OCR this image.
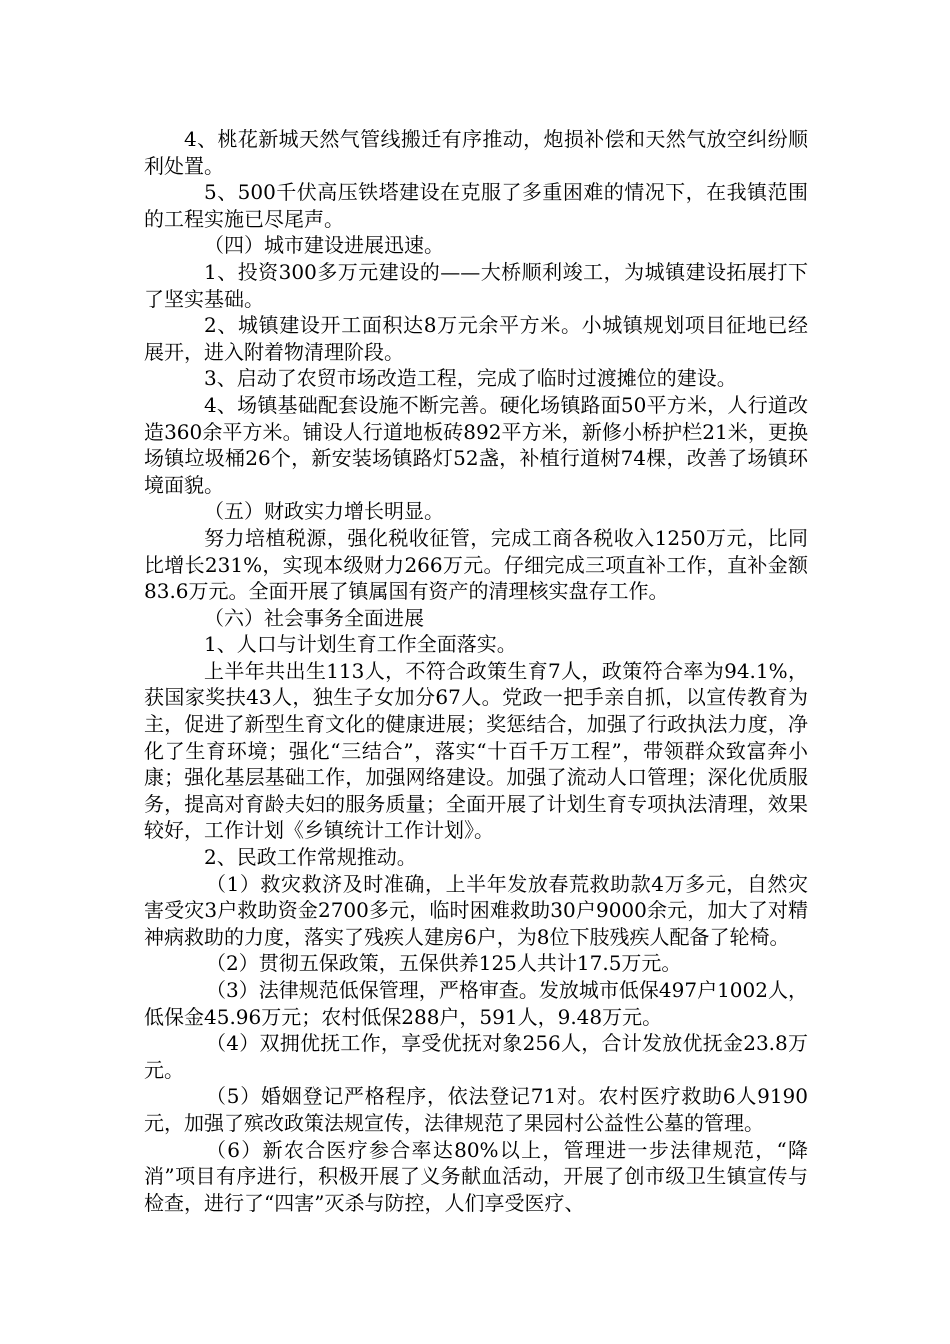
4、桃花新城天然气管线搬迁有序推动，炮损补偿和天然气放空纠纷顺利处置。

5、500千伏高压铁塔建设在克服了多重困难的情况下，在我镇范围的工程实施已尽尾声。

（四）城市建设进展迅速。

1、投资300多万元建设的——大桥顺利竣工，为城镇建设拓展打下了坚实基础。

2、城镇建设开工面积达8万元余平方米。小城镇规划项目征地已经展开，进入附着物清理阶段。

3、启动了农贸市场改造工程，完成了临时过渡摊位的建设。

4、场镇基础配套设施不断完善。硬化场镇路面50平方米，人行道改造360余平方米。铺设人行道地板砖892平方米，新修小桥护栏21米，更换场镇垃圾桶26个，新安装场镇路灯52盏，补植行道树74棵，改善了场镇环境面貌。

（五）财政实力增长明显。

努力培植税源，强化税收征管，完成工商各税收入1250万元，比同比增长231%，实现本级财力266万元。仔细完成三项直补工作，直补金额83.6万元。全面开展了镇属国有资产的清理核实盘存工作。

（六）社会事务全面进展

1、人口与计划生育工作全面落实。

上半年共出生113人，不符合政策生育7人，政策符合率为94.1%，获国家奖扶43人，独生子女加分67人。党政一把手亲自抓，以宣传教育为主，促进了新型生育文化的健康进展；奖惩结合，加强了行政执法力度，净化了生育环境；强化“三结合”，落实“十百千万工程”，带领群众致富奔小康；强化基层基础工作，加强网络建设。加强了流动人口管理；深化优质服务，提高对育龄夫妇的服务质量；全面开展了计划生育专项执法清理，效果较好，工作计划《乡镇统计工作计划》。

2、民政工作常规推动。

（1）救灾救济及时准确，上半年发放春荒救助款4万多元，自然灾害受灾3户救助资金2700多元，临时困难救助30户9000余元，加大了对精神病救助的力度，落实了残疾人建房6户，为8位下肢残疾人配备了轮椅。

（2）贯彻五保政策，五保供养125人共计17.5万元。

（3）法律规范低保管理，严格审查。发放城市低保497户1002人，低保金45.96万元；农村低保288户，591人，9.48万元。

（4）双拥优抚工作，享受优抚对象256人，合计发放优抚金23.8万元。

（5）婚姻登记严格程序，依法登记71对。农村医疗救助6人9190元，加强了殡改政策法规宣传，法律规范了果园村公益性公墓的管理。

（6）新农合医疗参合率达80%以上，管理进一步法律规范，“降消”项目有序进行，积极开展了义务献血活动，开展了创市级卫生镇宣传与检查，进行了“四害”灭杀与防控，人们享受医疗、
